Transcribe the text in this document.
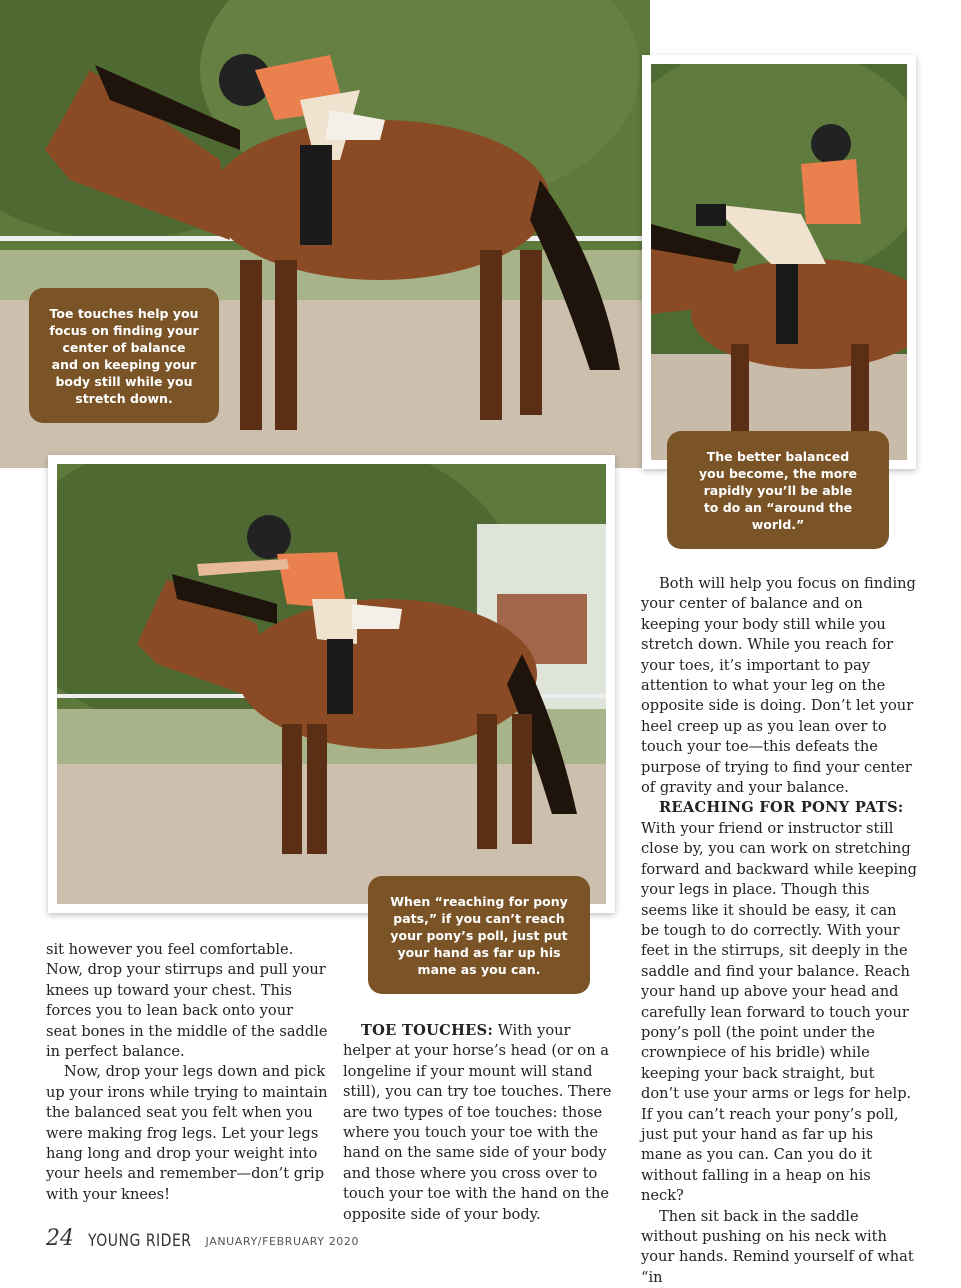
Toe touches help you
focus on finding your
center of balance
and on keeping your
body still while you
stretch down.
The better balanced
you become, the more
rapidly you’ll be able
to do an “around the
world.”
When “reaching for pony
pats,” if you can’t reach
your pony’s poll, just put
your hand as far up his
mane as you can.

sit however you feel comfortable. Now, drop your stirrups and pull your knees up toward your chest. This forces you to lean back onto your seat bones in the middle of the saddle in perfect balance.

Now, drop your legs down and pick up your irons while trying to maintain the balanced seat you felt when you were making frog legs. Let your legs hang long and drop your weight into your heels and remember—don’t grip with your knees!

TOE TOUCHES: With your helper at your horse’s head (or on a longeline if your mount will stand still), you can try toe touches. There are two types of toe touches: those where you touch your toe with the hand on the same side of your body and those where you cross over to touch your toe with the hand on the opposite side of your body.

Both will help you focus on finding your center of balance and on keeping your body still while you stretch down. While you reach for your toes, it’s important to pay attention to what your leg on the opposite side is doing. Don’t let your heel creep up as you lean over to touch your toe—this defeats the purpose of trying to find your center of gravity and your balance.

REACHING FOR PONY PATS:

With your friend or instructor still close by, you can work on stretching forward and backward while keeping your legs in place. Though this seems like it should be easy, it can be tough to do correctly. With your feet in the stirrups, sit deeply in the saddle and find your balance. Reach your hand up above your head and carefully lean forward to touch your pony’s poll (the point under the crownpiece of his bridle) while keeping your back straight, but don’t use your arms or legs for help. If you can’t reach your pony’s poll, just put your hand as far up his mane as you can. Can you do it without falling in a heap on his neck?

Then sit back in the saddle without pushing on his neck with your hands. Remind yourself of what “in

24 YOUNG RIDER JANUARY/FEBRUARY 2020
